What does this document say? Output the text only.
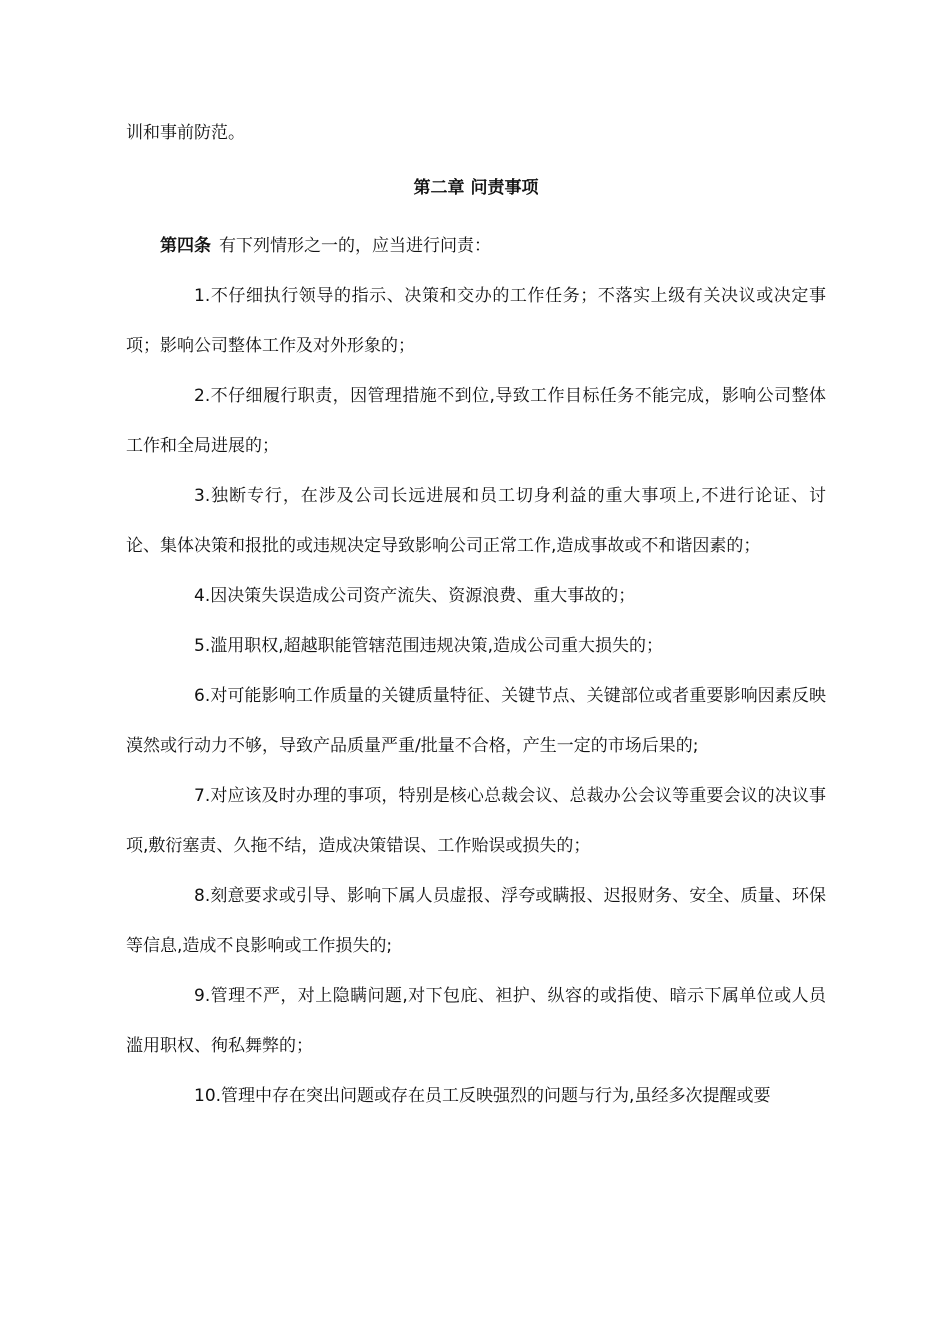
训和事前防范。

第二章 问责事项

第四条 有下列情形之一的，应当进行问责：

1.不仔细执行领导的指示、决策和交办的工作任务；不落实上级有关决议或决定事项；影响公司整体工作及对外形象的；

2.不仔细履行职责，因管理措施不到位,导致工作目标任务不能完成，影响公司整体工作和全局进展的；

3.独断专行，在涉及公司长远进展和员工切身利益的重大事项上,不进行论证、讨论、集体决策和报批的或违规决定导致影响公司正常工作,造成事故或不和谐因素的；

4.因决策失误造成公司资产流失、资源浪费、重大事故的；

5.滥用职权,超越职能管辖范围违规决策,造成公司重大损失的；

6.对可能影响工作质量的关键质量特征、关键节点、关键部位或者重要影响因素反映漠然或行动力不够，导致产品质量严重/批量不合格，产生一定的市场后果的;

7.对应该及时办理的事项，特别是核心总裁会议、总裁办公会议等重要会议的决议事项,敷衍塞责、久拖不结，造成决策错误、工作贻误或损失的；

8.刻意要求或引导、影响下属人员虚报、浮夸或瞒报、迟报财务、安全、质量、环保等信息,造成不良影响或工作损失的;

9.管理不严，对上隐瞒问题,对下包庇、袒护、纵容的或指使、暗示下属单位或人员滥用职权、徇私舞弊的；

10.管理中存在突出问题或存在员工反映强烈的问题与行为,虽经多次提醒或要
